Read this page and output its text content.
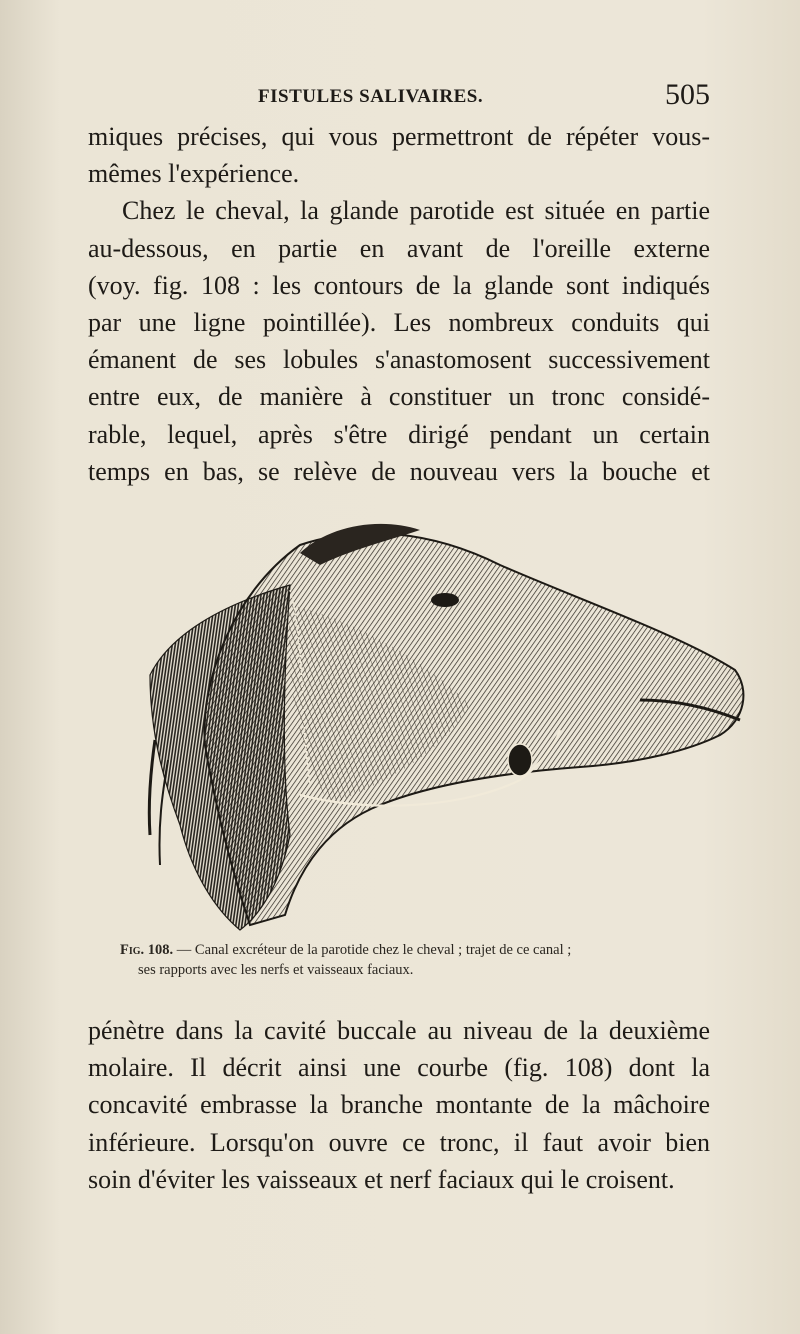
FISTULES SALIVAIRES.	505
miques précises, qui vous permettront de répéter vous-
mêmes l'expérience.
Chez le cheval, la glande parotide est située en partie
au-dessous, en partie en avant de l'oreille externe
(voy. fig. 108 : les contours de la glande sont indiqués
par une ligne pointillée). Les nombreux conduits qui
émanent de ses lobules s'anastomosent successivement
entre eux, de manière à constituer un tronc considé-
rable, lequel, après s'être dirigé pendant un certain
temps en bas, se relève de nouveau vers la bouche et
Fig. 108. — Canal excréteur de la parotide chez le cheval ; trajet de ce canal ;
ses rapports avec les nerfs et vaisseaux faciaux.
pénètre dans la cavité buccale au niveau de la deuxième
molaire. Il décrit ainsi une courbe (fig. 108) dont la
concavité embrasse la branche montante de la mâchoire
inférieure. Lorsqu'on ouvre ce tronc, il faut avoir bien
soin d'éviter les vaisseaux et nerf faciaux qui le croisent.
